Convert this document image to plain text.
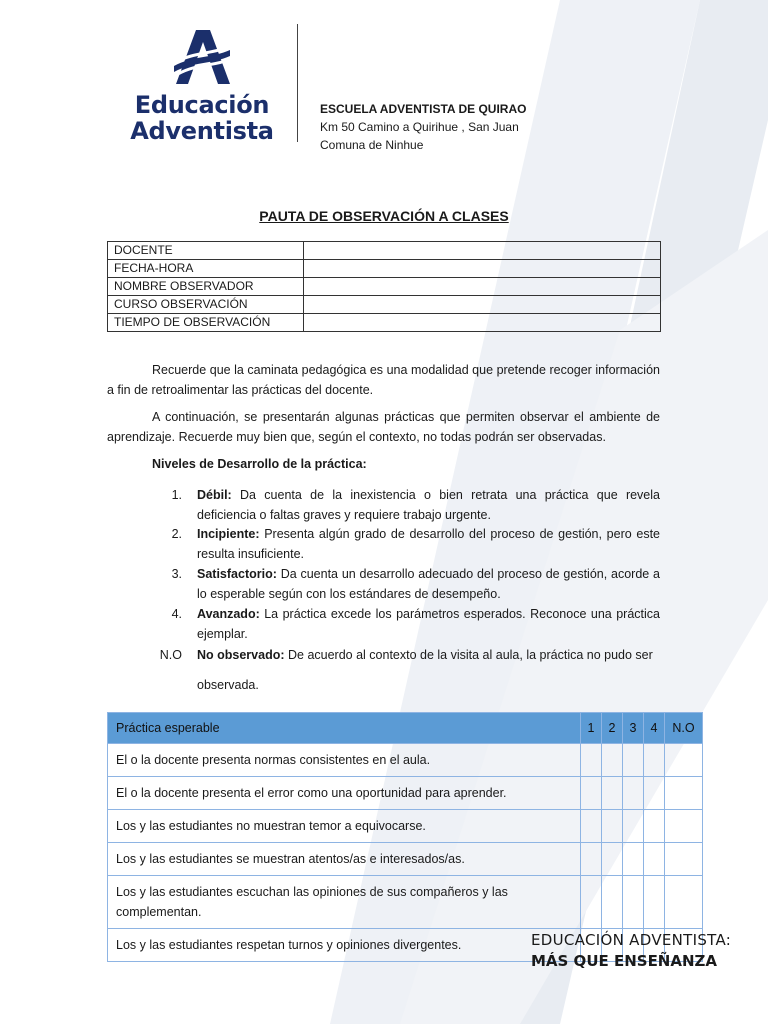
Educación
Adventista
ESCUELA ADVENTISTA DE QUIRAO
Km 50 Camino a Quirihue , San Juan
Comuna de Ninhue
PAUTA DE OBSERVACIÓN A CLASES
DOCENTE	
FECHA-HORA	
NOMBRE OBSERVADOR	
CURSO OBSERVACIÓN	
TIEMPO DE OBSERVACIÓN	
Recuerde que la caminata pedagógica es una modalidad que pretende recoger información a fin de retroalimentar las prácticas del docente.
A continuación, se presentarán algunas prácticas que permiten observar el ambiente de aprendizaje. Recuerde muy bien que, según el contexto, no todas podrán ser observadas.
Niveles de Desarrollo de la práctica:
1.	Débil: Da cuenta de la inexistencia o bien retrata una práctica que revela deficiencia o faltas graves y requiere trabajo urgente.
2.	Incipiente: Presenta algún grado de desarrollo del proceso de gestión, pero este resulta insuficiente.
3.	Satisfactorio: Da cuenta un desarrollo adecuado del proceso de gestión, acorde a lo esperable según con los estándares de desempeño.
4.	Avanzado: La práctica excede los parámetros esperados. Reconoce una práctica ejemplar.
N.O	No observado: De acuerdo al contexto de la visita al aula, la práctica no pudo ser
observada.
Práctica esperable	1	2	3	4	N.O
El o la docente presenta normas consistentes en el aula.					
El o la docente presenta el error como una oportunidad para aprender.					
Los y las estudiantes no muestran temor a equivocarse.					
Los y las estudiantes se muestran atentos/as e interesados/as.					
Los y las estudiantes escuchan las opiniones de sus compañeros y las complementan.					
Los y las estudiantes respetan turnos y opiniones divergentes.						EDUCACIÓN ADVENTISTA:
MÁS QUE ENSEÑANZA
